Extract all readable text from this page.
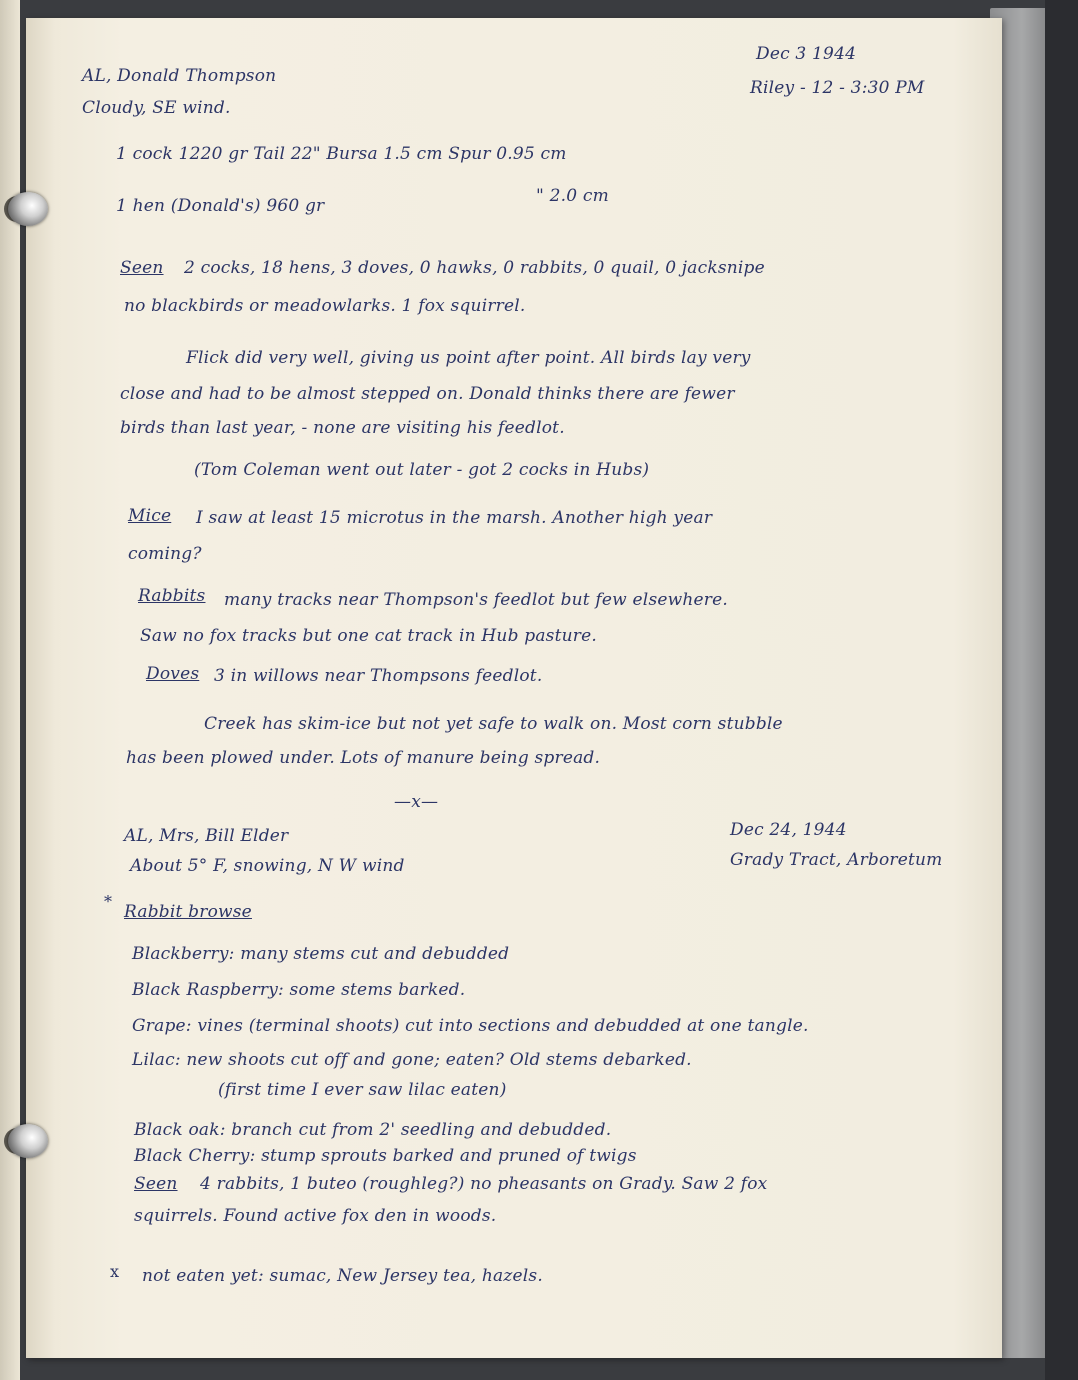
Dec 3 1944
Riley - 12 - 3:30 PM
AL, Donald Thompson
Cloudy, SE wind.
1 cock 1220 gr Tail 22" Bursa 1.5 cm Spur 0.95 cm
1 hen (Donald's) 960 gr	" 2.0 cm
Seen 2 cocks, 18 hens, 3 doves, 0 hawks, 0 rabbits, 0 quail, 0 jacksnipe
no blackbirds or meadowlarks. 1 fox squirrel.
Flick did very well, giving us point after point. All birds lay very
close and had to be almost stepped on. Donald thinks there are fewer
birds than last year, - none are visiting his feedlot.
(Tom Coleman went out later - got 2 cocks in Hubs)
Mice I saw at least 15 microtus in the marsh. Another high year
coming?
Rabbits many tracks near Thompson's feedlot but few elsewhere.
Saw no fox tracks but one cat track in Hub pasture.
Doves 3 in willows near Thompsons feedlot.
Creek has skim-ice but not yet safe to walk on. Most corn stubble
has been plowed under. Lots of manure being spread.
—x—
AL, Mrs, Bill Elder
About 5° F, snowing, N W wind
Dec 24, 1944
Grady Tract, Arboretum
*
Rabbit browse
Blackberry: many stems cut and debudded
Black Raspberry: some stems barked.
Grape: vines (terminal shoots) cut into sections and debudded at one tangle.
Lilac: new shoots cut off and gone; eaten? Old stems debarked.
(first time I ever saw lilac eaten)
Black oak: branch cut from 2' seedling and debudded.
Black Cherry: stump sprouts barked and pruned of twigs
Seen 4 rabbits, 1 buteo (roughleg?) no pheasants on Grady. Saw 2 fox
squirrels. Found active fox den in woods.
x not eaten yet: sumac, New Jersey tea, hazels.
